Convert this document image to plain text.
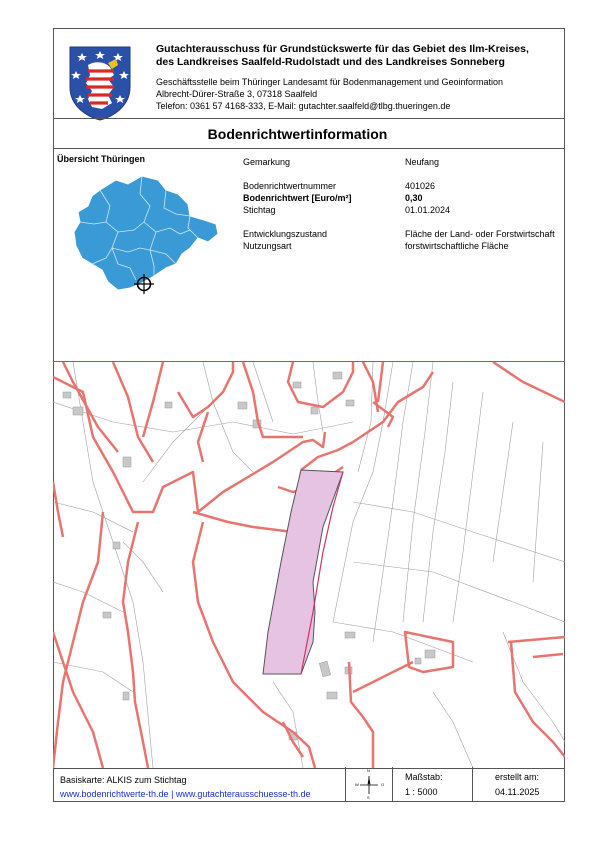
Gutachterausschuss für Grundstückswerte für das Gebiet des Ilm-Kreises,
des Landkreises Saalfeld-Rudolstadt und des Landkreises Sonneberg
Geschäftsstelle beim Thüringer Landesamt für Bodenmanagement und Geoinformation
Albrecht-Dürer-Straße 3, 07318 Saalfeld
Telefon: 0361 57 4168-333, E-Mail: gutachter.saalfeld@tlbg.thueringen.de
Bodenrichtwertinformation
Übersicht Thüringen	Gemarkung	Neufang
Bodenrichtwertnummer	401026
Bodenrichtwert [Euro/m²]	0,30
Stichtag	01.01.2024
Entwicklungszustand	Fläche der Land- oder Forstwirtschaft
Nutzungsart	forstwirtschaftliche Fläche
Basiskarte: ALKIS zum Stichtag
www.bodenrichtwerte-th.de | www.gutachterausschuesse-th.de
N
S
W	O
Maßstab:
1 : 5000
erstellt am:
04.11.2025
